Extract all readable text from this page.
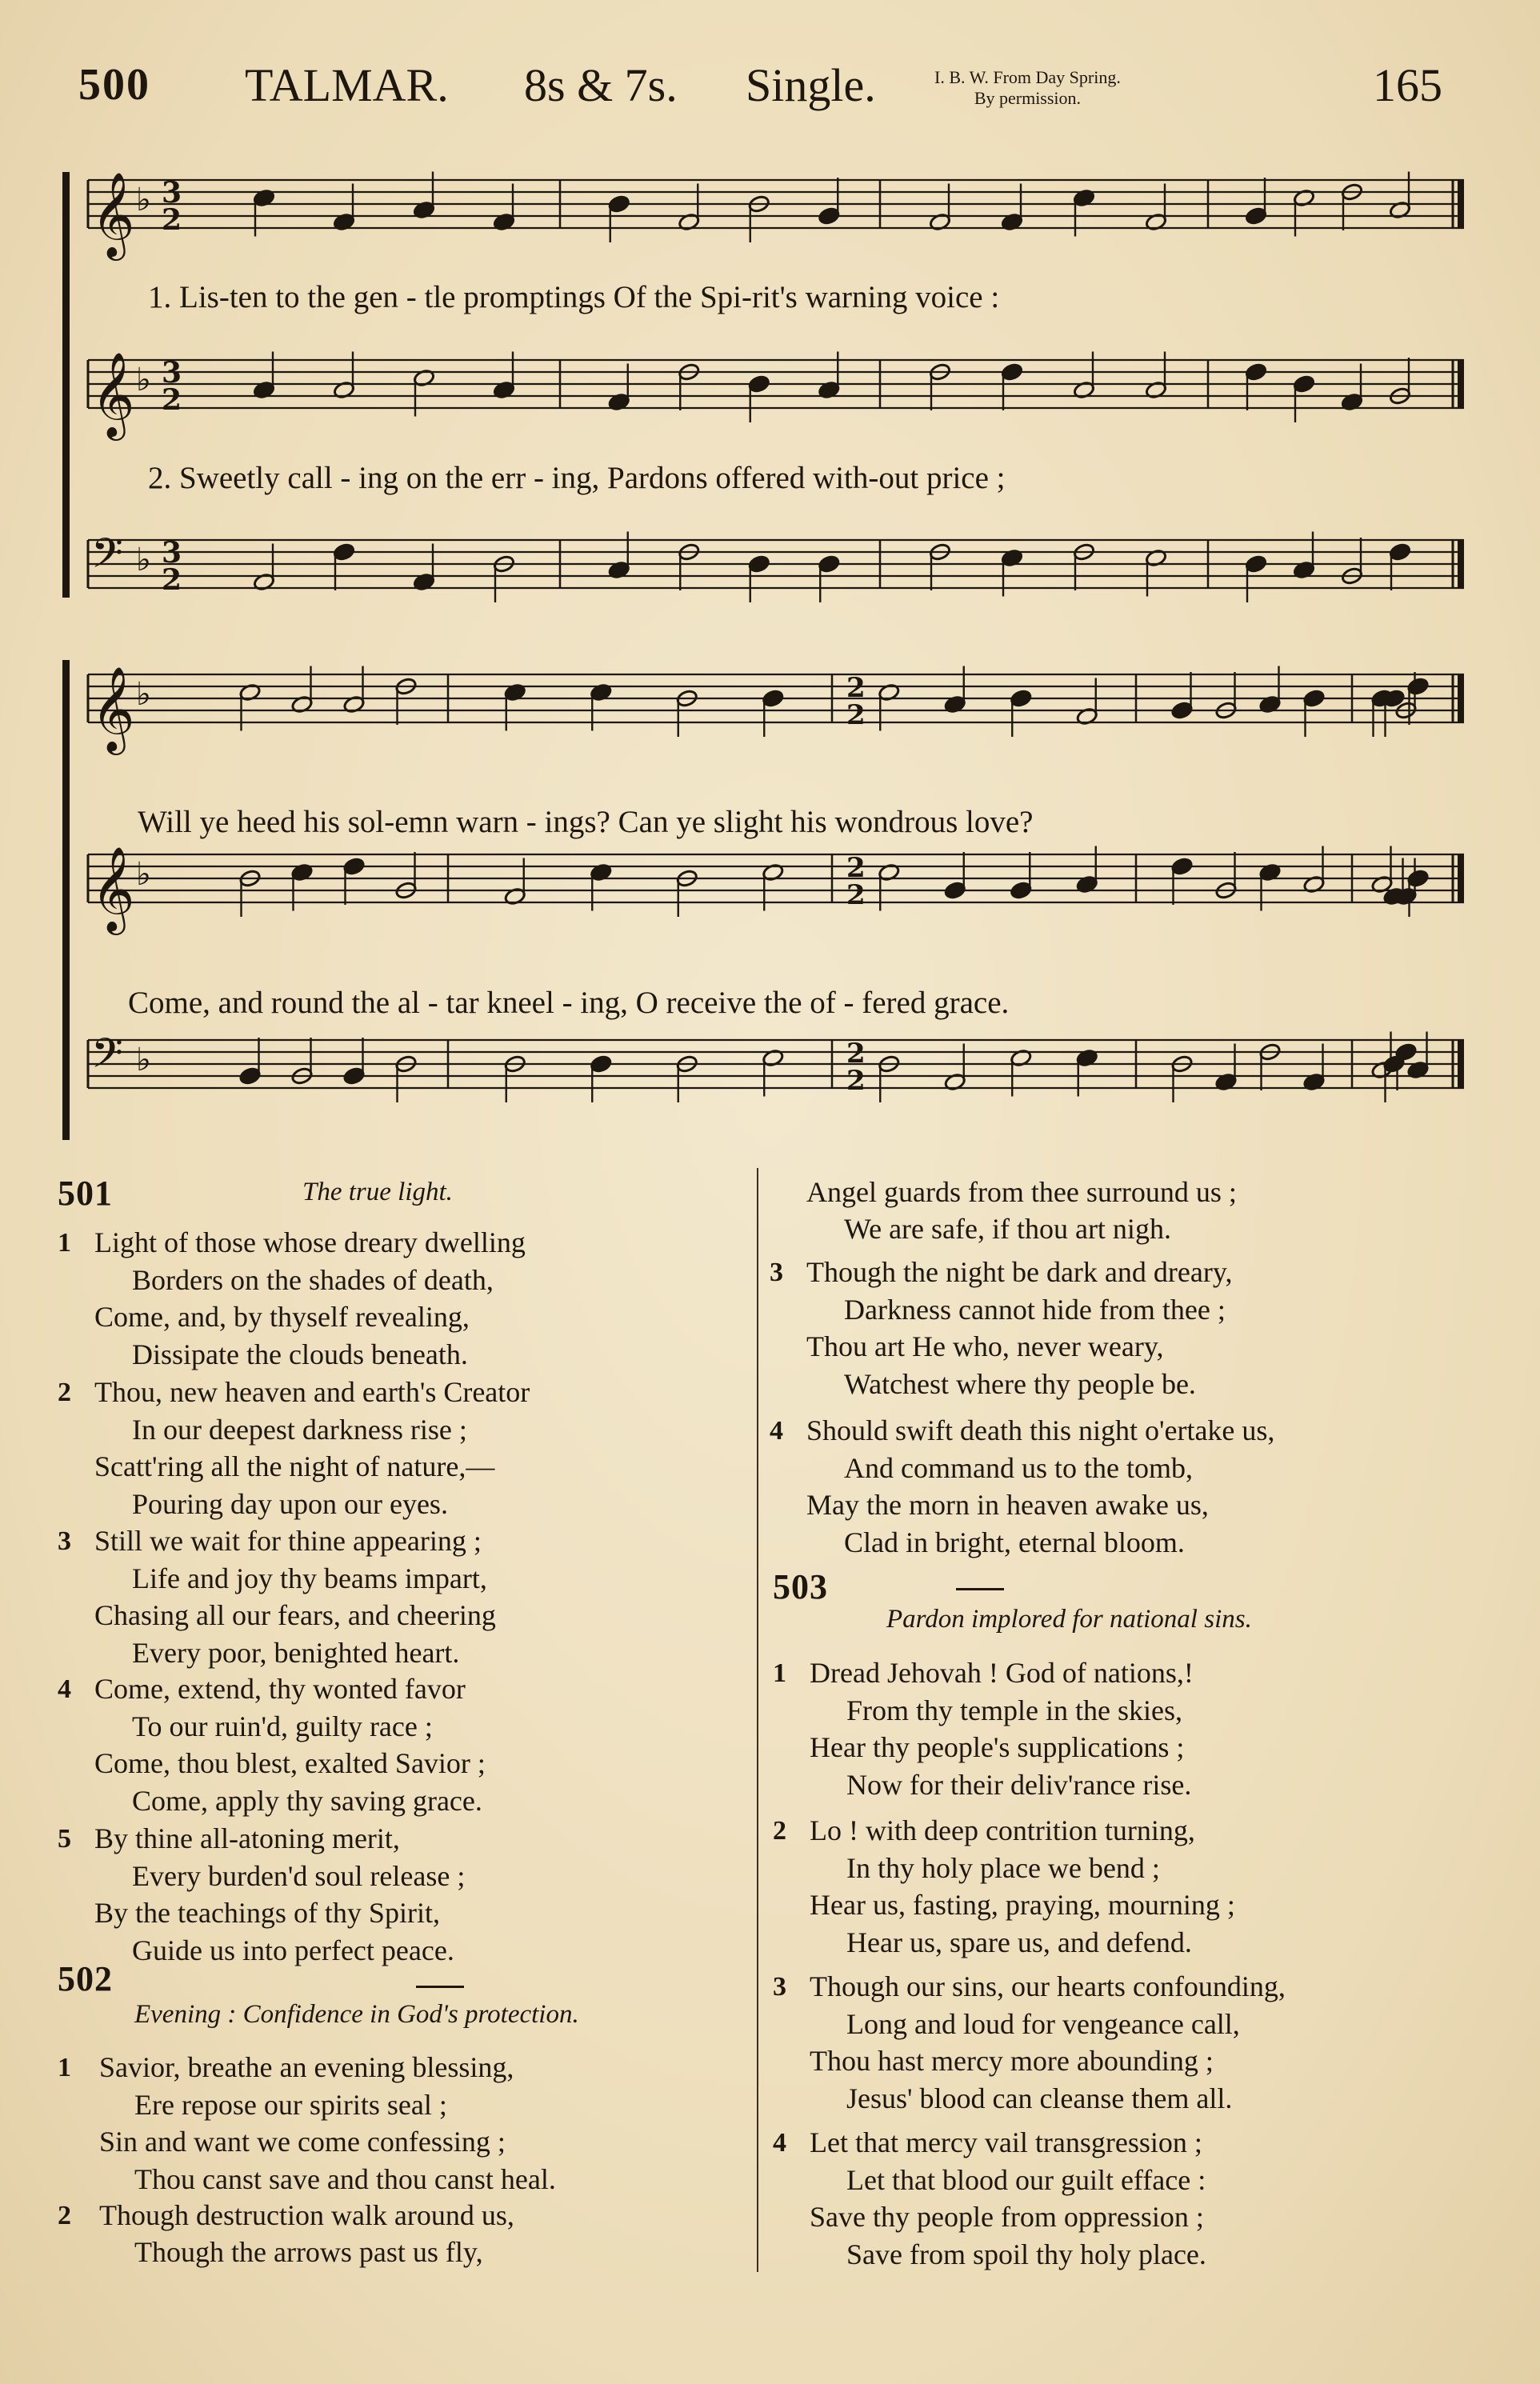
500 TALMAR. 8s & 7s. Single.	I. B. W. From Day Spring.
By permission.	165
𝄞 ♭ 3
2
𝄞 ♭ 3
2
𝄢 ♭ 3
2
𝄞 ♭	2
2
𝄞 ♭	2
2
𝄢 ♭	2
2
1. Lis-ten to the gen - tle promptings Of the Spi-rit's warning voice :
2. Sweetly call - ing on the err - ing, Pardons offered with-out price ;
Will ye heed his sol-emn warn - ings? Can ye slight his wondrous love?
Come, and round the al - tar kneel - ing, O receive the of - fered grace.
501	The true light.
1
2
3
4
5
Light of those whose dreary dwelling
Borders on the shades of death,
Come, and, by thyself revealing,
Dissipate the clouds beneath.
Thou, new heaven and earth's Creator
In our deepest darkness rise ;
Scatt'ring all the night of nature,—
Pouring day upon our eyes.
Still we wait for thine appearing ;
Life and joy thy beams impart,
Chasing all our fears, and cheering
Every poor, benighted heart.
Come, extend, thy wonted favor
To our ruin'd, guilty race ;
Come, thou blest, exalted Savior ;
Come, apply thy saving grace.
By thine all-atoning merit,
Every burden'd soul release ;
By the teachings of thy Spirit,
Guide us into perfect peace.
502
Evening : Confidence in God's protection.
1
2
3
4
Savior, breathe an evening blessing,
Ere repose our spirits seal ;
Sin and want we come confessing ;
Thou canst save and thou canst heal.
Though destruction walk around us,
Though the arrows past us fly,
Angel guards from thee surround us ;
We are safe, if thou art nigh.
Though the night be dark and dreary,
Darkness cannot hide from thee ;
Thou art He who, never weary,
Watchest where thy people be.
Should swift death this night o'ertake us,
And command us to the tomb,
May the morn in heaven awake us,
Clad in bright, eternal bloom.
503
Pardon implored for national sins.
1
2
3
4
Dread Jehovah ! God of nations,!
From thy temple in the skies,
Hear thy people's supplications ;
Now for their deliv'rance rise.
Lo ! with deep contrition turning,
In thy holy place we bend ;
Hear us, fasting, praying, mourning ;
Hear us, spare us, and defend.
Though our sins, our hearts confounding,
Long and loud for vengeance call,
Thou hast mercy more abounding ;
Jesus' blood can cleanse them all.
Let that mercy vail transgression ;
Let that blood our guilt efface :
Save thy people from oppression ;
Save from spoil thy holy place.
